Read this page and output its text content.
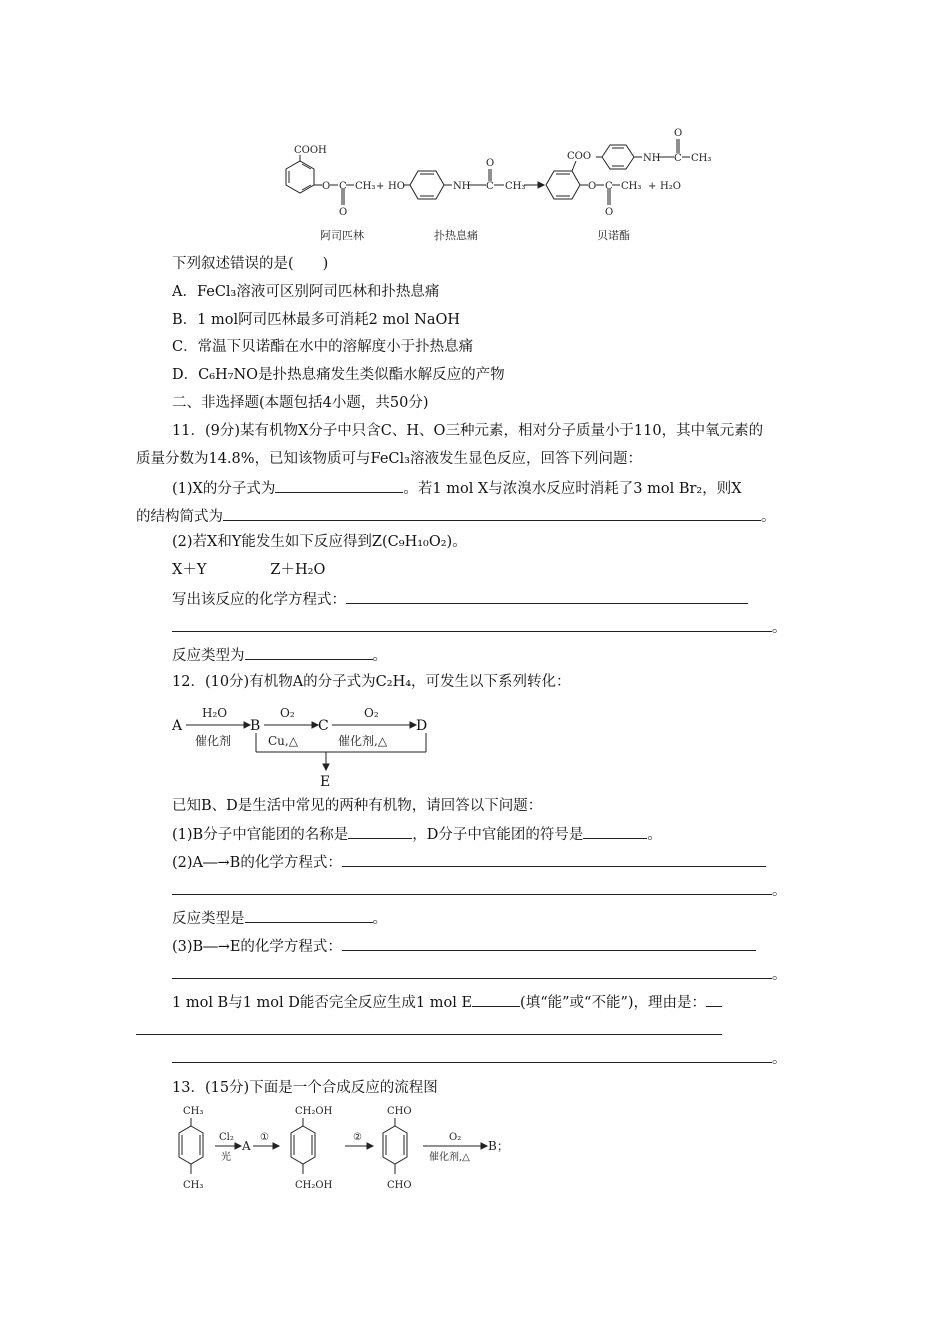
COOH
O C CH₃
O
+ HO	NH C
O
CH₃
COO
O C CH₃
O
NH C
O
CH₃
+ H₂O
阿司匹林	扑热息痛	贝诺酯
下列叙述错误的是(　　)
A．FeCl₃溶液可区别阿司匹林和扑热息痛
B．1 mol阿司匹林最多可消耗2 mol NaOH
C．常温下贝诺酯在水中的溶解度小于扑热息痛
D．C₆H₇NO是扑热息痛发生类似酯水解反应的产物
二、非选择题(本题包括4小题，共50分)
11．(9分)某有机物X分子中只含C、H、O三种元素，相对分子质量小于110，其中氧元素的
质量分数为14.8%，已知该物质可与FeCl₃溶液发生显色反应，回答下列问题：
(1)X的分子式为	。若1 mol X与浓溴水反应时消耗了3 mol Br₂，则X
的结构简式为	。
(2)若X和Y能发生如下反应得到Z(C₉H₁₀O₂)。
X＋Y	Z＋H₂O
写出该反应的化学方程式：
。
反应类型为	。
12．(10分)有机物A的分子式为C₂H₄，可发生以下系列转化：
A
H₂O
催化剂
B
O₂
Cu,△
C
O₂
催化剂,△
D
E
已知B、D是生活中常见的两种有机物，请回答以下问题：
(1)B分子中官能团的名称是	，D分子中官能团的符号是	。
(2)A―→B的化学方程式：
。
反应类型是	。
(3)B―→E的化学方程式：
。
1 mol B与1 mol D能否完全反应生成1 mol E	(填“能”或“不能”)，理由是：
。
13．(15分)下面是一个合成反应的流程图
CH₃
CH₃
Cl₂
光
A
①
CH₂OH
CH₂OH
②
CHO
CHO
O₂
催化剂,△
B；
